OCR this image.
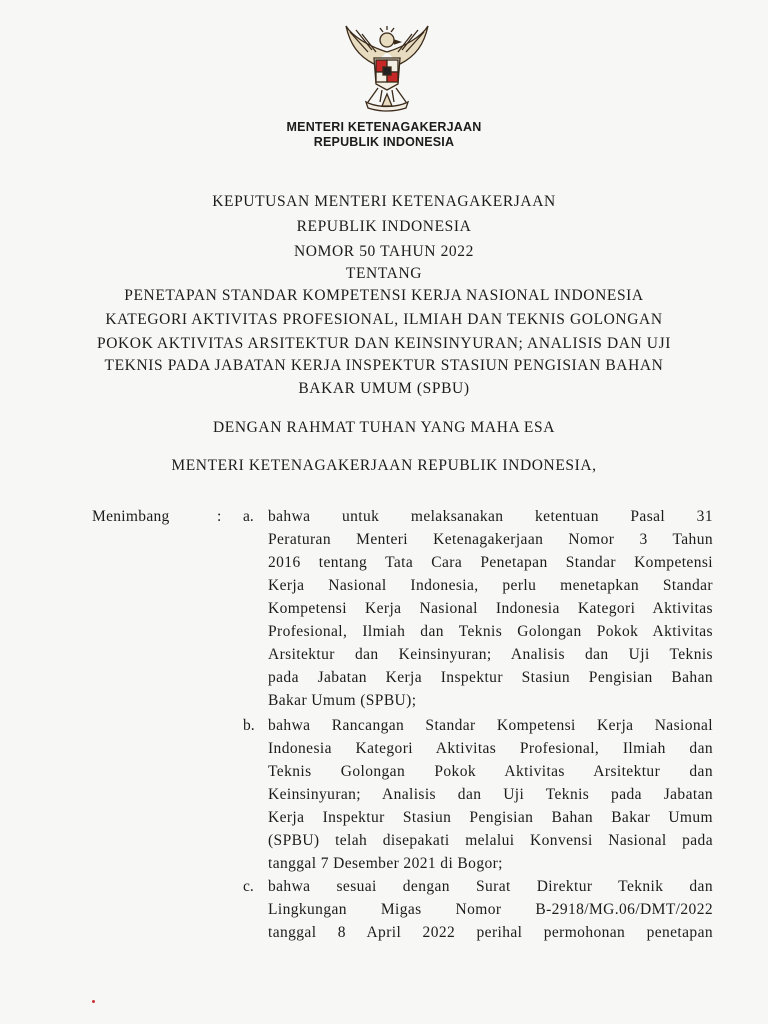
MENTERI KETENAGAKERJAAN
REPUBLIK INDONESIA
KEPUTUSAN MENTERI KETENAGAKERJAAN
REPUBLIK INDONESIA
NOMOR 50 TAHUN 2022
TENTANG
PENETAPAN STANDAR KOMPETENSI KERJA NASIONAL INDONESIA
KATEGORI AKTIVITAS PROFESIONAL, ILMIAH DAN TEKNIS GOLONGAN
POKOK AKTIVITAS ARSITEKTUR DAN KEINSINYURAN; ANALISIS DAN UJI
TEKNIS PADA JABATAN KERJA INSPEKTUR STASIUN PENGISIAN BAHAN
BAKAR UMUM (SPBU)
DENGAN RAHMAT TUHAN YANG MAHA ESA
MENTERI KETENAGAKERJAAN REPUBLIK INDONESIA,
Menimbang	: a. bahwa untuk melaksanakan ketentuan Pasal 31
Peraturan Menteri Ketenagakerjaan Nomor 3 Tahun
2016 tentang Tata Cara Penetapan Standar Kompetensi
Kerja Nasional Indonesia, perlu menetapkan Standar
Kompetensi Kerja Nasional Indonesia Kategori Aktivitas
Profesional, Ilmiah dan Teknis Golongan Pokok Aktivitas
Arsitektur dan Keinsinyuran; Analisis dan Uji Teknis
pada Jabatan Kerja Inspektur Stasiun Pengisian Bahan
Bakar Umum (SPBU);
b. bahwa Rancangan Standar Kompetensi Kerja Nasional
Indonesia Kategori Aktivitas Profesional, Ilmiah dan
Teknis Golongan Pokok Aktivitas Arsitektur dan
Keinsinyuran; Analisis dan Uji Teknis pada Jabatan
Kerja Inspektur Stasiun Pengisian Bahan Bakar Umum
(SPBU) telah disepakati melalui Konvensi Nasional pada
tanggal 7 Desember 2021 di Bogor;
c. bahwa sesuai dengan Surat Direktur Teknik dan
Lingkungan Migas Nomor B-2918/MG.06/DMT/2022
tanggal 8 April 2022 perihal permohonan penetapan
